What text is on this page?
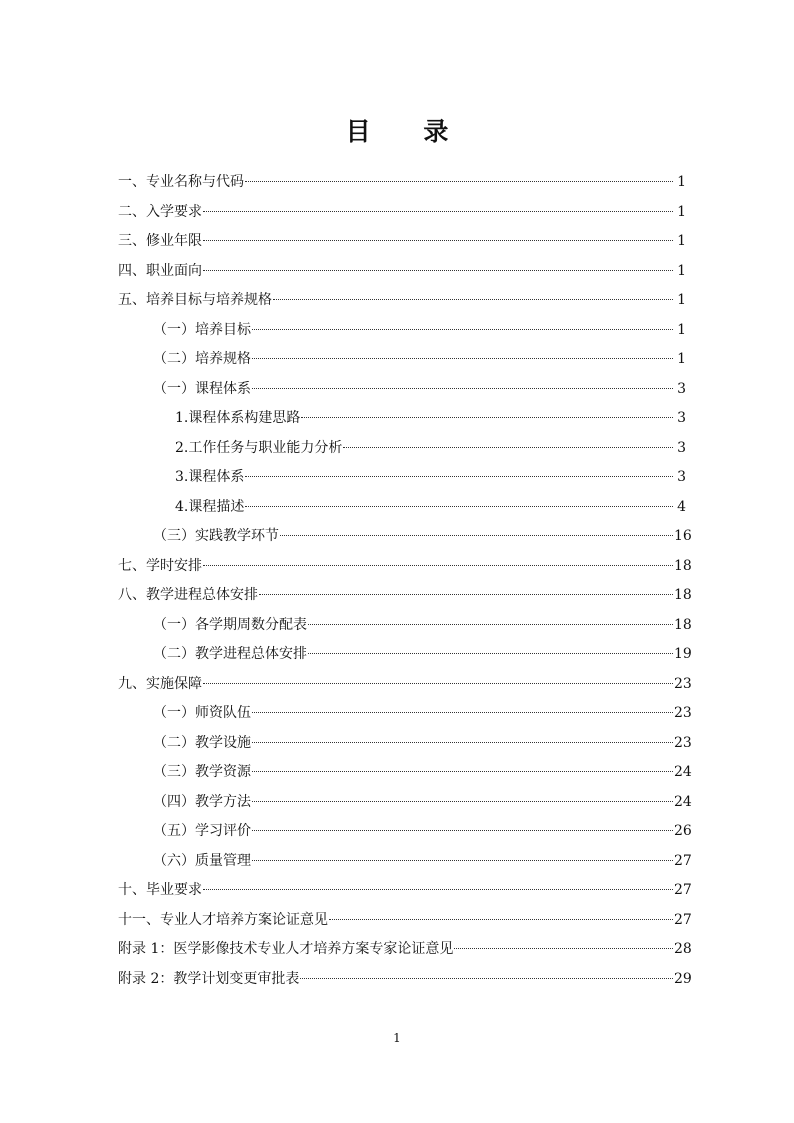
目 录
一、专业名称与代码	1
二、入学要求	1
三、修业年限	1
四、职业面向	1
五、培养目标与培养规格	1
（一）培养目标	1
（二）培养规格	1
（一）课程体系	3
1.课程体系构建思路	3
2.工作任务与职业能力分析	3
3.课程体系	3
4.课程描述	4
（三）实践教学环节	16
七、学时安排	18
八、教学进程总体安排	18
（一）各学期周数分配表	18
（二）教学进程总体安排	19
九、实施保障	23
（一）师资队伍	23
（二）教学设施	23
（三）教学资源	24
（四）教学方法	24
（五）学习评价	26
（六）质量管理	27
十、毕业要求	27
十一、专业人才培养方案论证意见	27
附录 1：医学影像技术专业人才培养方案专家论证意见	28
附录 2：教学计划变更审批表	29
1
